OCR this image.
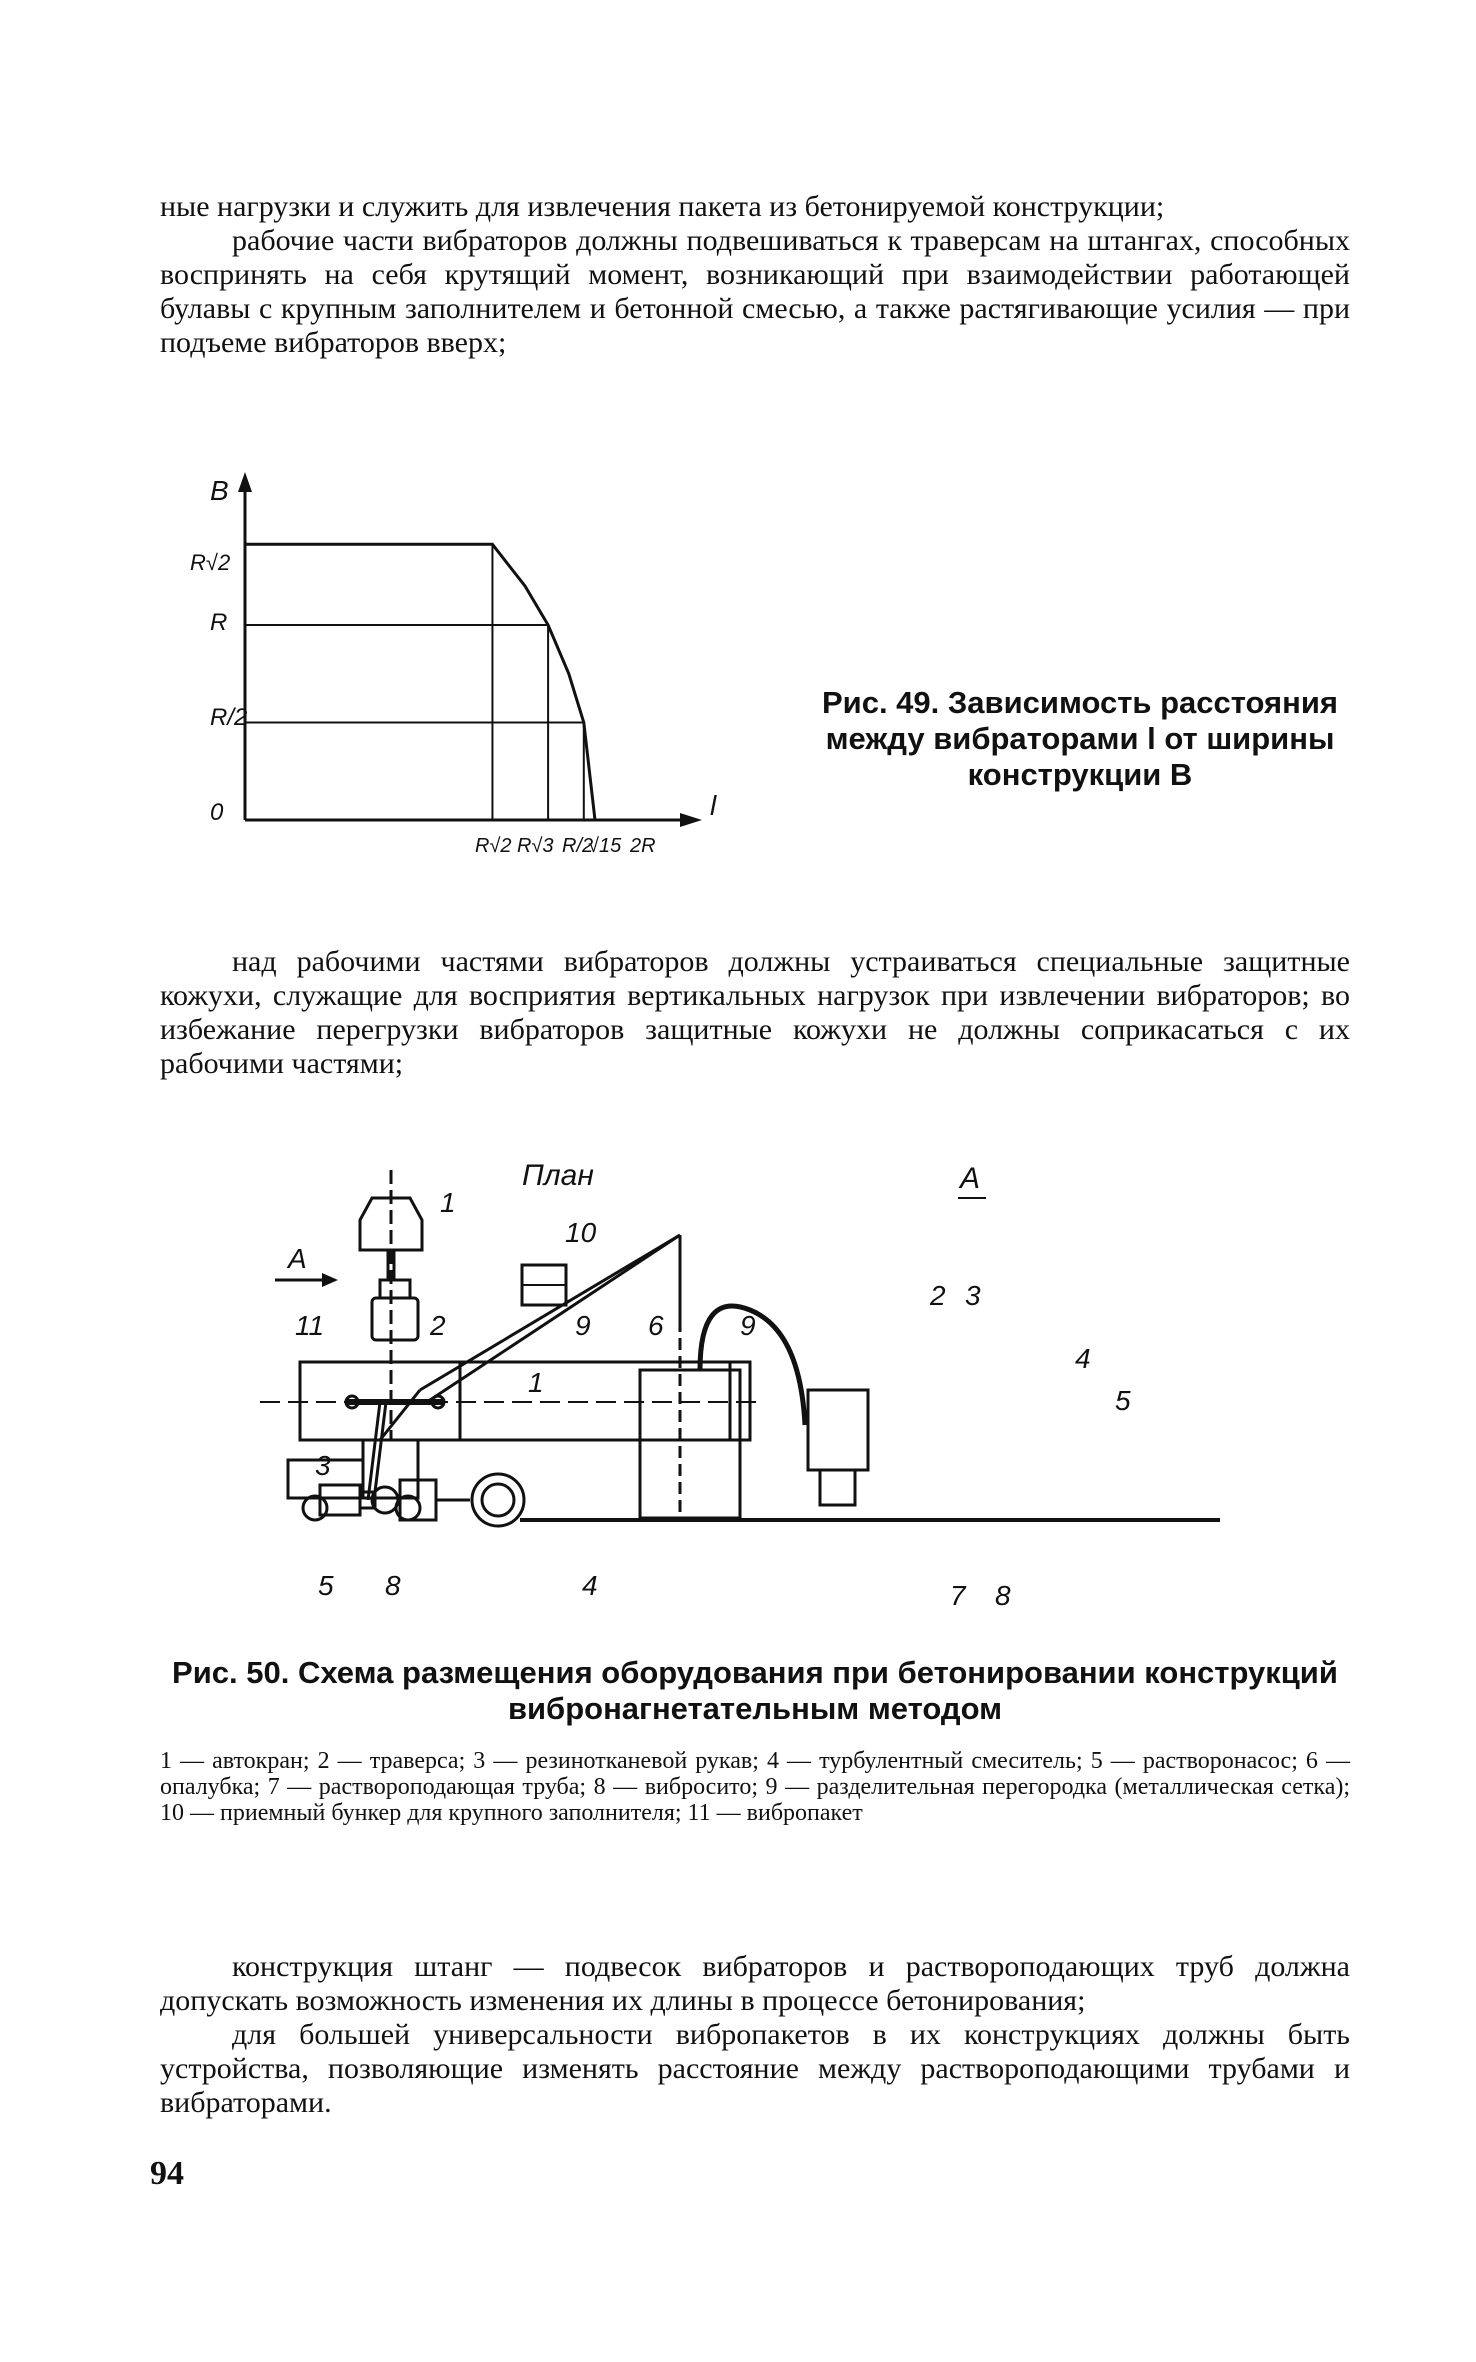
ные нагрузки и служить для извлечения пакета из бетонируемой конструкции;

рабочие части вибраторов должны подвешиваться к траверсам на штангах, способных воспринять на себя крутящий момент, возникающий при взаимодействии работающей булавы с крупным заполнителем и бетонной смесью, а также растягивающие усилия — при подъеме вибраторов вверх;

B
l
R√2
R
R/2
0
R√2 R√3 R/2
√15 2R

Рис. 49. Зависимость расстояния между вибраторами l от ширины конструкции B

над рабочими частями вибраторов должны устраиваться специальные защитные кожухи, служащие для восприятия вертикальных нагрузок при извлечении вибраторов; во избежание перегрузки вибраторов защитные кожухи не должны соприкасаться с их рабочими частями;

План
А
1
10
11	2	9 6	9
3
5 8	4
А
2 3
1
4
5
7 8

Рис. 50. Схема размещения оборудования при бетонировании конструкций вибронагнетательным методом

1 — автокран; 2 — траверса; 3 — резинотканевой рукав; 4 — турбулентный смеситель; 5 — растворонасос; 6 — опалубка; 7 — раствороподающая труба; 8 — вибросито; 9 — разделительная перегородка (металлическая сетка); 10 — приемный бункер для крупного заполнителя; 11 — вибропакет

конструкция штанг — подвесок вибраторов и раствороподающих труб должна допускать возможность изменения их длины в процессе бетонирования;

для большей универсальности вибропакетов в их конструкциях должны быть устройства, позволяющие изменять расстояние между раствороподающими трубами и вибраторами.

94
